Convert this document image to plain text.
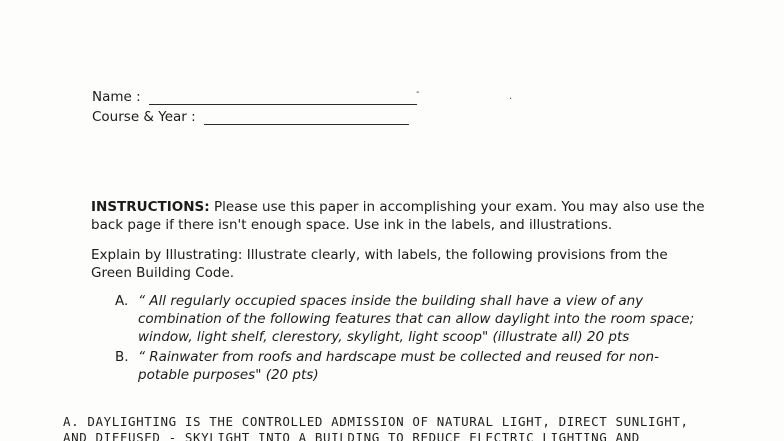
Name :	-	.
Course & Year :
INSTRUCTIONS: Please use this paper in accomplishing your exam. You may also use the back page if there isn't enough space. Use ink in the labels, and illustrations.
Explain by Illustrating: Illustrate clearly, with labels, the following provisions from the Green Building Code.
A. “ All regularly occupied spaces inside the building shall have a view of any combination of the following features that can allow daylight into the room space; window, light shelf, clerestory, skylight, light scoop" (illustrate all) 20 pts
B. “ Rainwater from roofs and hardscape must be collected and reused for non-potable purposes" (20 pts)
A. DAYLIGHTING IS THE CONTROLLED ADMISSION OF NATURAL LIGHT, DIRECT SUNLIGHT,
AND DIFFUSED - SKYLIGHT INTO A BUILDING TO REDUCE ELECTRIC LIGHTING AND
